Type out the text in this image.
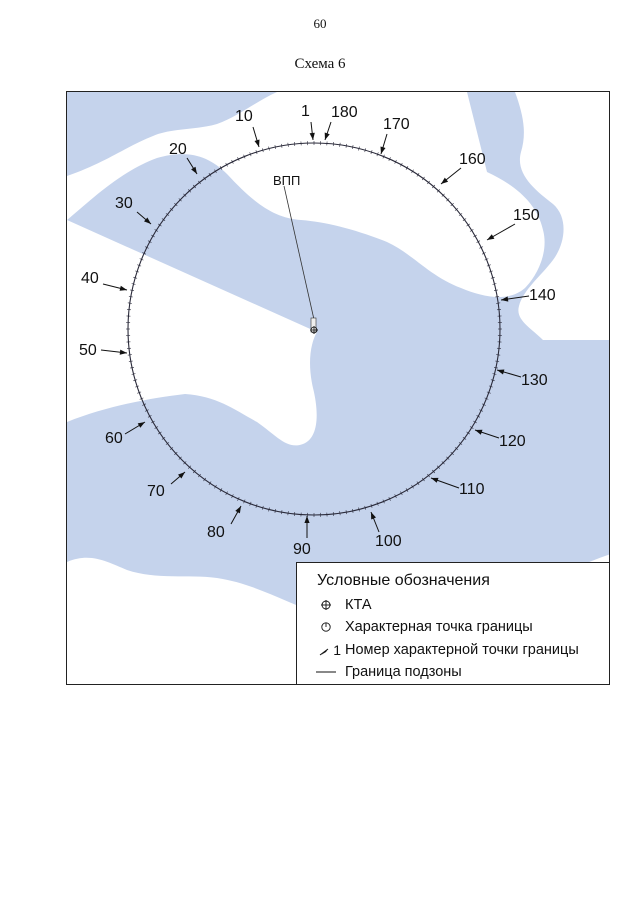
60
Схема 6
1
10
20
30
40
50
60
70
80
90	100
110
120
130
140
150
160
170
180
ВПП
Условные обозначения
КТА
Характерная точка границы
1 Номер характерной точки границы
Граница подзоны
